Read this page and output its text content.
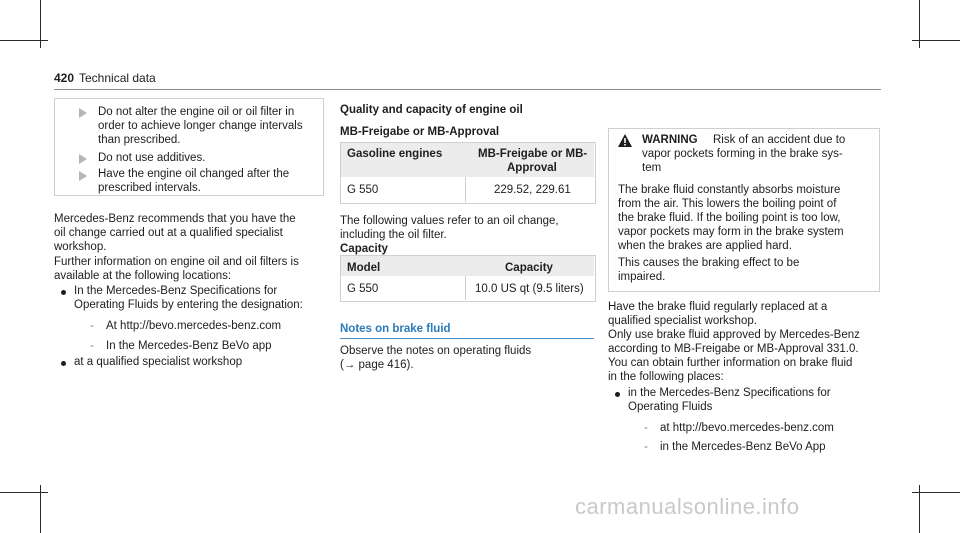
420 Technical data
Do not alter the engine oil or oil filter in
order to achieve longer change intervals
than prescribed.
Do not use additives.
Have the engine oil changed after the
prescribed intervals.
Mercedes-Benz recommends that you have the
oil change carried out at a qualified specialist
workshop.
Further information on engine oil and oil filters is
available at the following locations:
In the Mercedes-Benz Specifications for
Operating Fluids by entering the designation:
- At http://bevo.mercedes-benz.com
- In the Mercedes-Benz BeVo app
at a qualified specialist workshop
Quality and capacity of engine oil
MB-Freigabe or MB-Approval
Gasoline engines	MB-Freigabe or MB-
Approval
G 550	229.52, 229.61
The following values refer to an oil change,
including the oil filter.
Capacity
Model	Capacity
G 550	10.0 US qt (9.5 liters)
Notes on brake fluid
Observe the notes on operating fluids
(→ page 416).
WARNING Risk of an accident due to
vapor pockets forming in the brake sys-
tem
The brake fluid constantly absorbs moisture
from the air. This lowers the boiling point of
the brake fluid. If the boiling point is too low,
vapor pockets may form in the brake system
when the brakes are applied hard.
This causes the braking effect to be
impaired.
Have the brake fluid regularly replaced at a
qualified specialist workshop.
Only use brake fluid approved by Mercedes-Benz
according to MB-Freigabe or MB-Approval 331.0.
You can obtain further information on brake fluid
in the following places:
in the Mercedes-Benz Specifications for
Operating Fluids
- at http://bevo.mercedes-benz.com
- in the Mercedes-Benz BeVo App
carmanualsonline.info
